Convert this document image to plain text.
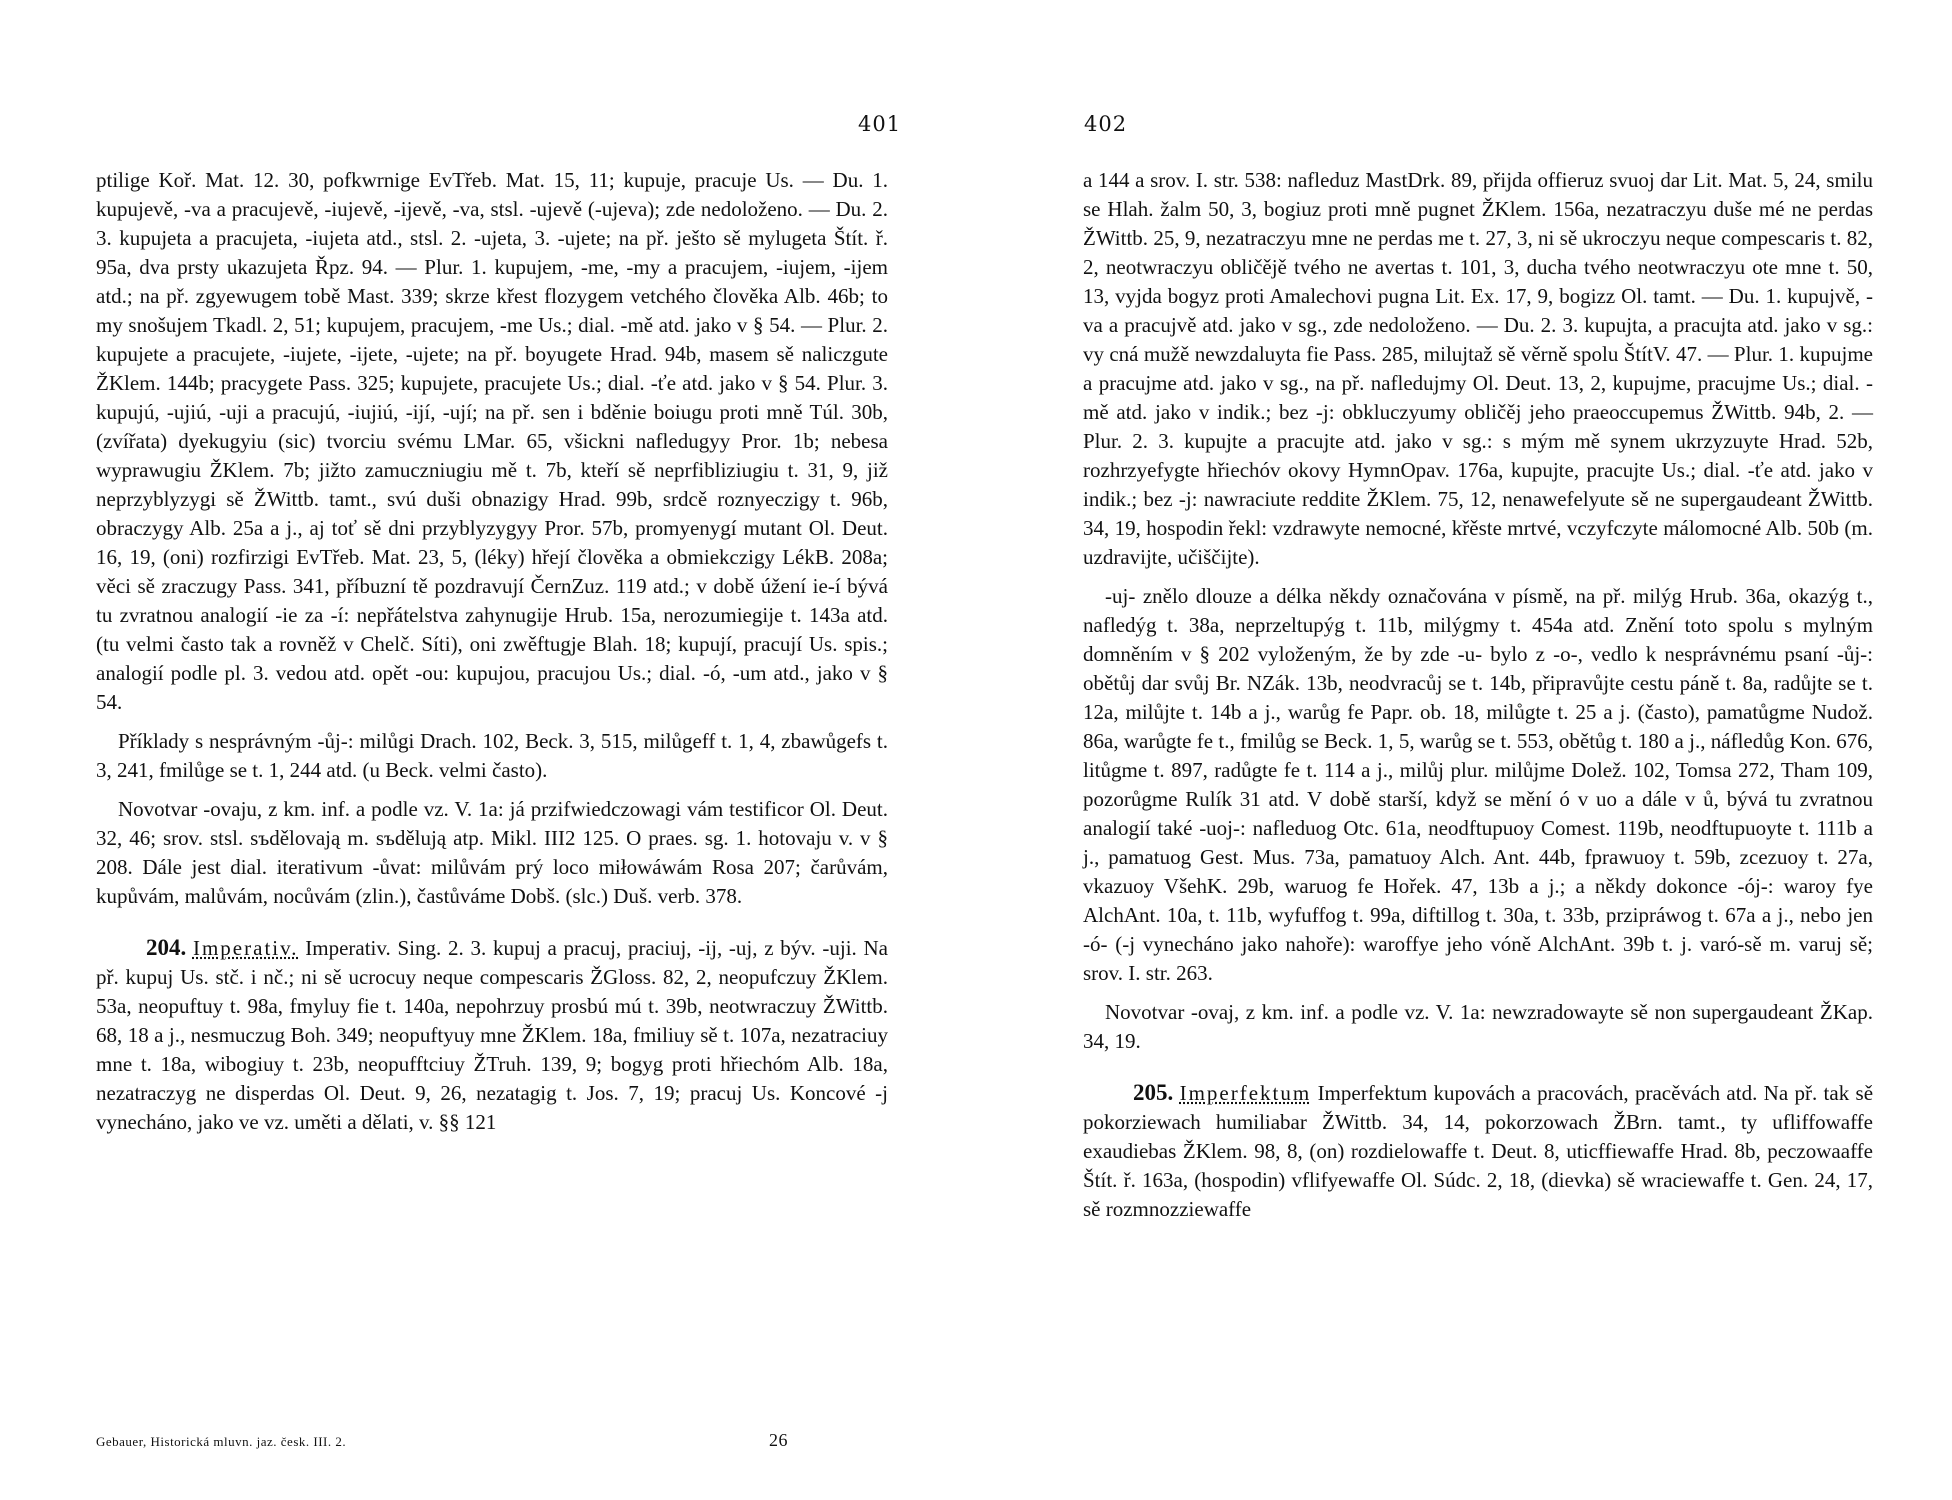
401

ptilige Koř. Mat. 12. 30, pofkwrnige EvTřeb. Mat. 15, 11; kupuje, pracuje Us. — Du. 1. kupujevě, -va a pracujevě, -iujevě, -ijevě, -va, stsl. -ujevě (-ujeva); zde nedoloženo. — Du. 2. 3. kupujeta a pracujeta, -iujeta atd., stsl. 2. -ujeta, 3. -ujete; na př. ješto sě mylugeta Štít. ř. 95a, dva prsty ukazujeta Řpz. 94. — Plur. 1. kupujem, -me, -my a pracujem, -iujem, -ijem atd.; na př. zgyewugem tobě Mast. 339; skrze křest flozygem vetchého člověka Alb. 46b; to my snošujem Tkadl. 2, 51; kupujem, pracujem, -me Us.; dial. -mě atd. jako v § 54. — Plur. 2. kupujete a pracujete, -iujete, -ijete, -ujete; na př. boyugete Hrad. 94b, masem sě naliczgute ŽKlem. 144b; pracygete Pass. 325; kupujete, pracujete Us.; dial. -ťe atd. jako v § 54. Plur. 3. kupujú, -ujiú, -uji a pracujú, -iujiú, -ijí, -ují; na př. sen i bděnie boiugu proti mně Túl. 30b, (zvířata) dyekugyiu (sic) tvorciu svému LMar. 65, všickni nafledugyy Pror. 1b; nebesa wyprawugiu ŽKlem. 7b; jižto zamuczniugiu mě t. 7b, kteří sě neprfibliziugiu t. 31, 9, již neprzyblyzygi sě ŽWittb. tamt., svú duši obnazigy Hrad. 99b, srdcě roznyeczigy t. 96b, obraczygy Alb. 25a a j., aj toť sě dni przyblyzygyy Pror. 57b, promyenygí mutant Ol. Deut. 16, 19, (oni) rozfirzigi EvTřeb. Mat. 23, 5, (léky) hřejí člověka a obmiekczigy LékB. 208a; věci sě zraczugy Pass. 341, příbuzní tě pozdravují ČernZuz. 119 atd.; v době úžení ie-í bývá tu zvratnou analogií -ie za -í: nepřátelstva zahynugije Hrub. 15a, nerozumiegije t. 143a atd. (tu velmi často tak a rovněž v Chelč. Síti), oni zwěftugje Blah. 18; kupují, pracují Us. spis.; analogií podle pl. 3. vedou atd. opět -ou: kupujou, pracujou Us.; dial. -ó, -um atd., jako v § 54.

Příklady s nesprávným -ůj-: milůgi Drach. 102, Beck. 3, 515, milůgeff t. 1, 4, zbawůgefs t. 3, 241, fmilůge se t. 1, 244 atd. (u Beck. velmi často).

Novotvar -ovaju, z km. inf. a podle vz. V. 1a: já przifwiedczowagi vám testificor Ol. Deut. 32, 46; srov. stsl. sъdělovają m. sъdělują atp. Mikl. III2 125. O praes. sg. 1. hotovaju v. v § 208. Dále jest dial. iterativum -ůvat: milůvám prý loco miłowáwám Rosa 207; čarůvám, kupůvám, malůvám, nocůvám (zlin.), častůváme Dobš. (slc.) Duš. verb. 378.

204. Imperativ. Imperativ. Sing. 2. 3. kupuj a pracuj, praciuj, -ij, -uj, z býv. -uji. Na př. kupuj Us. stč. i nč.; ni sě ucrocuy neque compescaris ŽGloss. 82, 2, neopufczuy ŽKlem. 53a, neopuftuy t. 98a, fmyluy fie t. 140a, nepohrzuy prosbú mú t. 39b, neotwraczuy ŽWittb. 68, 18 a j., nesmuczug Boh. 349; neopuftyuy mne ŽKlem. 18a, fmiliuy sě t. 107a, nezatraciuy mne t. 18a, wibogiuy t. 23b, neopufftciuy ŽTruh. 139, 9; bogyg proti hřiechóm Alb. 18a, nezatraczyg ne disperdas Ol. Deut. 9, 26, nezatagig t. Jos. 7, 19; pracuj Us. Koncové -j vynecháno, jako ve vz. uměti a dělati, v. §§ 121

Gebauer, Historická mluvn. jaz. česk. III. 2.	26
402

a 144 a srov. I. str. 538: nafleduz MastDrk. 89, přijda offieruz svuoj dar Lit. Mat. 5, 24, smilu se Hlah. žalm 50, 3, bogiuz proti mně pugnet ŽKlem. 156a, nezatraczyu duše mé ne perdas ŽWittb. 25, 9, nezatraczyu mne ne perdas me t. 27, 3, ni sě ukroczyu neque compescaris t. 82, 2, neotwraczyu obličějě tvého ne avertas t. 101, 3, ducha tvého neotwraczyu ote mne t. 50, 13, vyjda bogyz proti Amalechovi pugna Lit. Ex. 17, 9, bogizz Ol. tamt. — Du. 1. kupujvě, -va a pracujvě atd. jako v sg., zde nedoloženo. — Du. 2. 3. kupujta, a pracujta atd. jako v sg.: vy cná mužě newzdaluyta fie Pass. 285, milujtaž sě věrně spolu ŠtítV. 47. — Plur. 1. kupujme a pracujme atd. jako v sg., na př. nafledujmy Ol. Deut. 13, 2, kupujme, pracujme Us.; dial. -mě atd. jako v indik.; bez -j: obkluczyumy obličěj jeho praeoccupemus ŽWittb. 94b, 2. — Plur. 2. 3. kupujte a pracujte atd. jako v sg.: s mým mě synem ukrzyzuyte Hrad. 52b, rozhrzyefygte hřiechóv okovy HymnOpav. 176a, kupujte, pracujte Us.; dial. -ťe atd. jako v indik.; bez -j: nawraciute reddite ŽKlem. 75, 12, nenawefelyute sě ne supergaudeant ŽWittb. 34, 19, hospodin řekl: vzdrawyte nemocné, křěste mrtvé, vczyfczyte málomocné Alb. 50b (m. uzdravijte, učiščijte).

-uj- znělo dlouze a délka někdy označována v písmě, na př. milýg Hrub. 36a, okazýg t., nafledýg t. 38a, neprzeltupýg t. 11b, milýgmy t. 454a atd. Znění toto spolu s mylným domněním v § 202 vyloženým, že by zde -u- bylo z -o-, vedlo k nesprávnému psaní -ůj-: obětůj dar svůj Br. NZák. 13b, neodvracůj se t. 14b, připravůjte cestu páně t. 8a, radůjte se t. 12a, milůjte t. 14b a j., warůg fe Papr. ob. 18, milůgte t. 25 a j. (často), pamatůgme Nudož. 86a, warůgte fe t., fmilůg se Beck. 1, 5, warůg se t. 553, obětůg t. 180 a j., náfledůg Kon. 676, litůgme t. 897, radůgte fe t. 114 a j., milůj plur. milůjme Dolež. 102, Tomsa 272, Tham 109, pozorůgme Rulík 31 atd. V době starší, když se mění ó v uo a dále v ů, bývá tu zvratnou analogií také -uoj-: nafleduog Otc. 61a, neodftupuoy Comest. 119b, neodftupuoyte t. 111b a j., pamatuog Gest. Mus. 73a, pamatuoy Alch. Ant. 44b, fprawuoy t. 59b, zcezuoy t. 27a, vkazuoy VšehK. 29b, waruog fe Hořek. 47, 13b a j.; a někdy dokonce -ój-: waroy fye AlchAnt. 10a, t. 11b, wyfuffog t. 99a, diftillog t. 30a, t. 33b, przipráwog t. 67a a j., nebo jen -ó- (-j vynecháno jako nahoře): waroffye jeho vóně AlchAnt. 39b t. j. varó-sě m. varuj sě; srov. I. str. 263.

Novotvar -ovaj, z km. inf. a podle vz. V. 1a: newzradowayte sě non supergaudeant ŽKap. 34, 19.

205. Imperfektum Imperfektum kupovách a pracovách, pracěvách atd. Na př. tak sě pokorziewach humiliabar ŽWittb. 34, 14, pokorzowach ŽBrn. tamt., ty ufliffowaffe exaudiebas ŽKlem. 98, 8, (on) rozdielowaffe t. Deut. 8, uticffiewaffe Hrad. 8b, peczowaaffe Štít. ř. 163a, (hospodin) vflifyewaffe Ol. Súdc. 2, 18, (dievka) sě wraciewaffe t. Gen. 24, 17, sě rozmnozziewaffe
